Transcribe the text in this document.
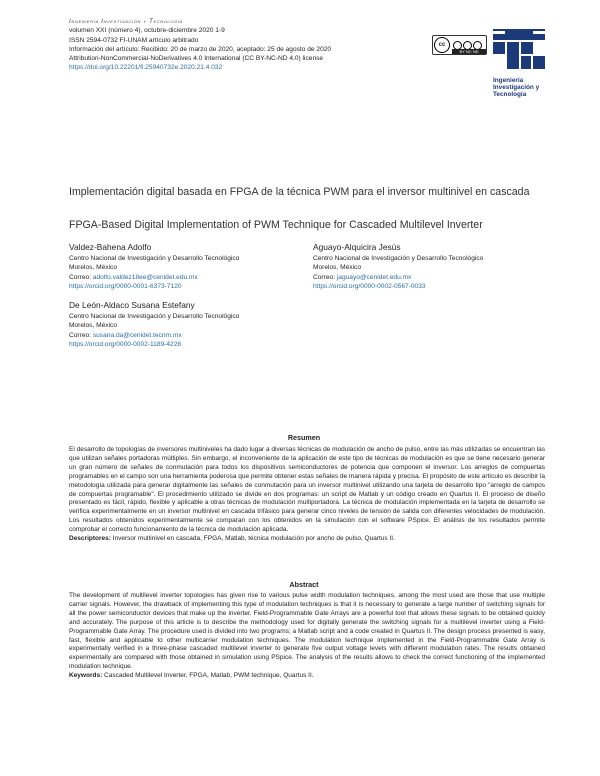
Ingeniería Investigación y Tecnología
volumen XXI (número 4), octubre-diciembre 2020 1-9
ISSN 2594-0732 FI-UNAM artículo arbitrado
Información del artículo: Recibido: 20 de marzo de 2020, aceptado: 25 de agosto de 2020
Attribution-NonCommercial-NoDerivatives 4.0 International (CC BY-NC-ND 4.0) license
https://doi.org/10.22201/fi.25940732e.2020.21.4.032
cc
BY NC ND
Ingeniería
Investigación y
Tecnología
Implementación digital basada en FPGA de la técnica PWM para el inversor multinivel en cascada
FPGA-Based Digital Implementation of PWM Technique for Cascaded Multilevel Inverter
Valdez-Bahena Adolfo
Centro Nacional de Investigación y Desarrollo Tecnológico
Morelos, México
Correo: adolfo.valdez18ee@cenidet.edu.mx
https://orcid.org/0000-0001-6373-7120
Aguayo-Alquicira Jesús
Centro Nacional de Investigación y Desarrollo Tecnológico
Morelos, México
Correo: jaguayo@cenidet.edu.mx
https://orcid.org/0000-0002-0567-0033
De León-Aldaco Susana Estefany
Centro Nacional de Investigación y Desarrollo Tecnológico
Morelos, México
Correo: susana.da@cenidet.tecnm.mx
https://orcid.org/0000-0002-1189-4228
Resumen
El desarrollo de topologías de inversores multiniveles ha dado lugar a diversas técnicas de modulación de ancho de pulso, entre las más utilizadas se encuentran las que utilizan señales portadoras múltiples. Sin embargo, el inconveniente de la aplicación de este tipo de técnicas de modulación es que se tiene necesario generar un gran número de señales de conmutación para todos los dispositivos semiconductores de potencia que componen el inversor. Los arreglos de compuertas programables en el campo son una herramienta poderosa que permite obtener estas señales de manera rápida y precisa. El propósito de este artículo es describir la metodología utilizada para generar digitalmente las señales de conmutación para un inversor multinivel utilizando una tarjeta de desarrollo tipo "arreglo de campos de compuertas programable". El procedimiento utilizado se divide en dos programas: un script de Matlab y un código creado en Quartus II. El proceso de diseño presentado es fácil, rápido, flexible y aplicable a otras técnicas de modulación multiportadora. La técnica de modulación implementada en la tarjeta de desarrollo se verifica experimentalmente en un inversor multinivel en cascada trifásico para generar cinco niveles de tensión de salida con diferentes velocidades de modulación. Los resultados obtenidos experimentalmente se comparan con los obtenidos en la simulación con el software PSpice. El análisis de los resultados permite comprobar el correcto funcionamiento de la técnica de modulación aplicada.
Descriptores: Inversor multinivel en cascada, FPGA, Matlab, técnica modulación por ancho de pulso, Quartus II.
Abstract
The development of multilevel inverter topologies has given rise to various pulse width modulation techniques, among the most used are those that use multiple carrier signals. However, the drawback of implementing this type of modulation techniques is that it is necessary to generate a large number of switching signals for all the power semiconductor devices that make up the inverter. Field-Programmable Gate Arrays are a powerful tool that allows these signals to be obtained quickly and accurately. The purpose of this article is to describe the methodology used for digitally generate the switching signals for a multilevel inverter using a Field-Programmable Gate Array. The procedure used is divided into two programs; a Matlab script and a code created in Quartus II. The design process presented is easy, fast, flexible and applicable to other multicarrier modulation techniques. The modulation technique implemented in the Field-Programmable Gate Array is experimentally verified in a three-phase cascaded multilevel inverter to generate five output voltage levels with different modulation rates. The results obtained experimentally are compared with those obtained in simulation using PSpice. The analysis of the results allows to check the correct functioning of the implemented modulation technique.
Keywords: Cascaded Multilevel Inverter, FPGA, Matlab, PWM technique, Quartus II.
